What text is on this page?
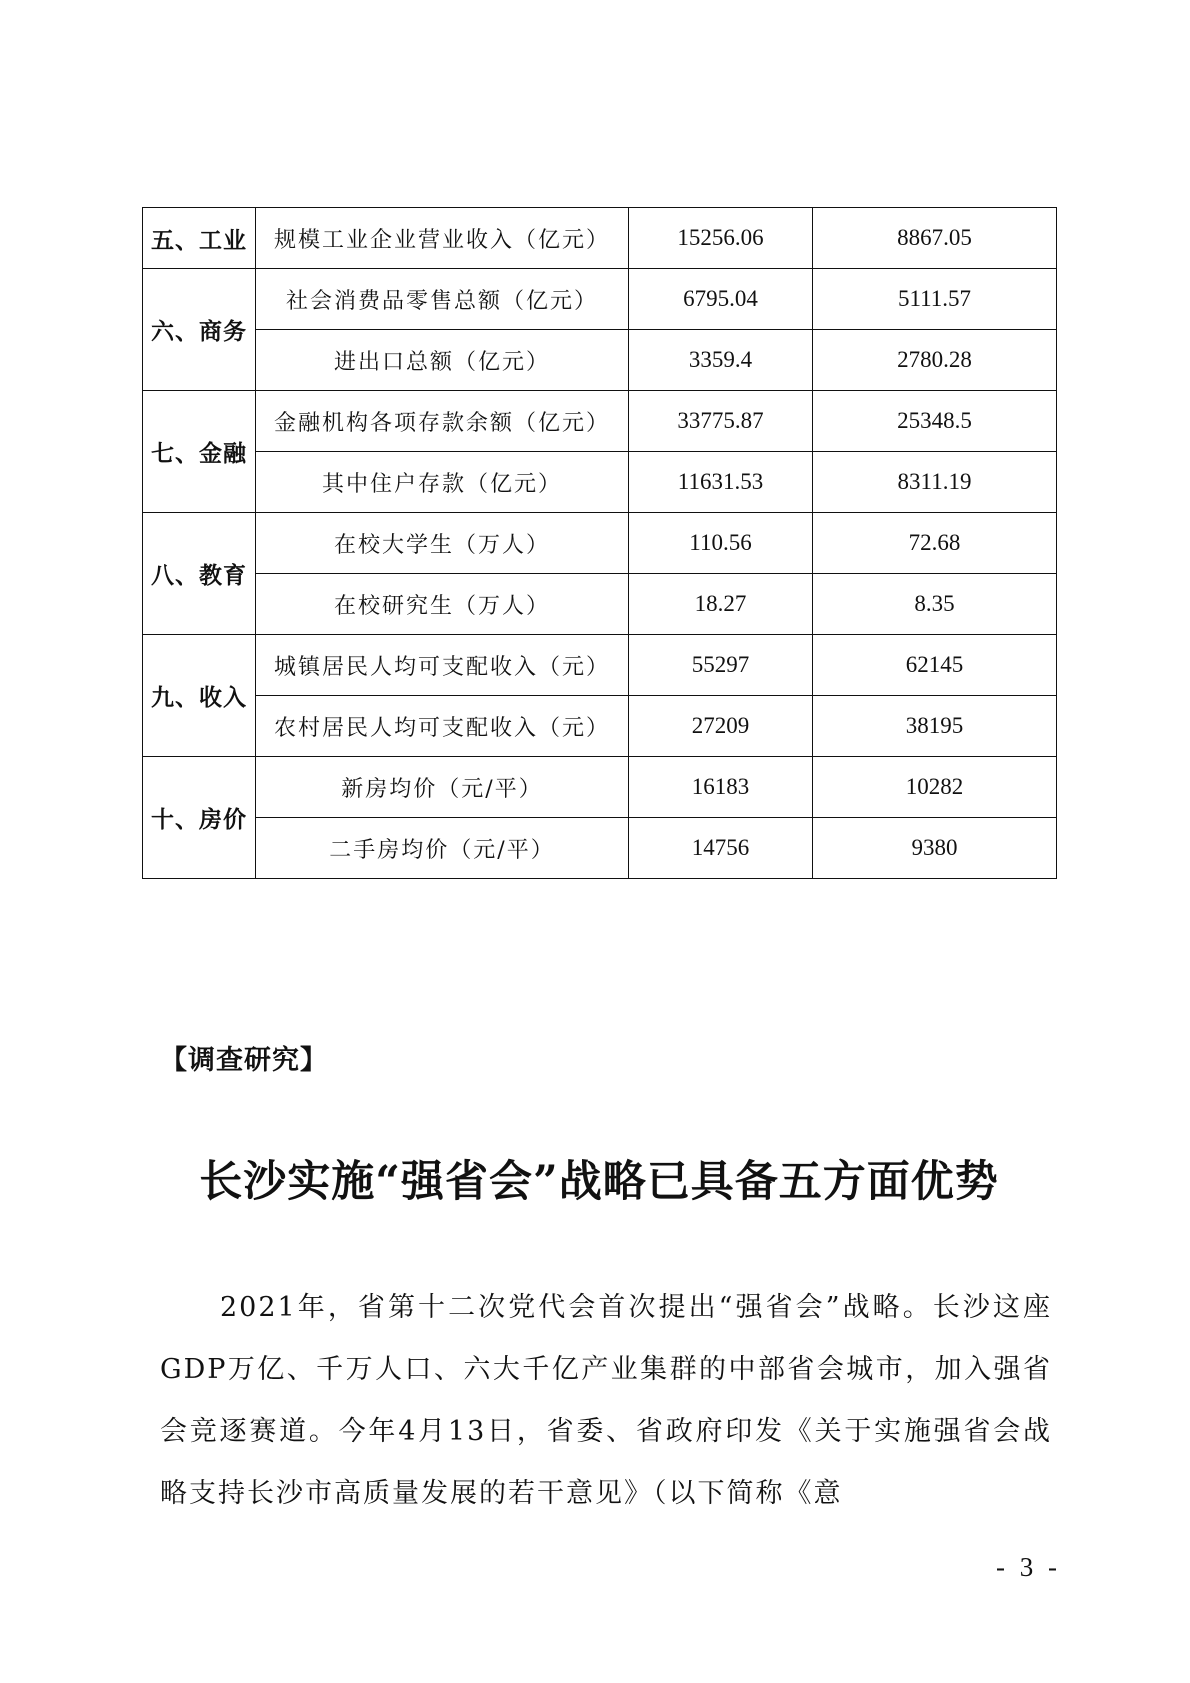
五、工业	规模工业企业营业收入（亿元）	15256.06	8867.05
六、商务	社会消费品零售总额（亿元）	6795.04	5111.57
	进出口总额（亿元）	3359.4	2780.28
七、金融	金融机构各项存款余额（亿元）	33775.87	25348.5
	其中住户存款（亿元）	11631.53	8311.19
八、教育	在校大学生（万人）	110.56	72.68
	在校研究生（万人）	18.27	8.35
九、收入	城镇居民人均可支配收入（元）	55297	62145
	农村居民人均可支配收入（元）	27209	38195
十、房价	新房均价（元/平）	16183	10282
	二手房均价（元/平）	14756	9380
【调查研究】
长沙实施“强省会”战略已具备五方面优势

2021年，省第十二次党代会首次提出“强省会”战略。长沙这座GDP万亿、千万人口、六大千亿产业集群的中部省会城市，加入强省会竞逐赛道。今年4月13日，省委、省政府印发《关于实施强省会战略支持长沙市高质量发展的若干意见》（以下简称《意

- 3 -
